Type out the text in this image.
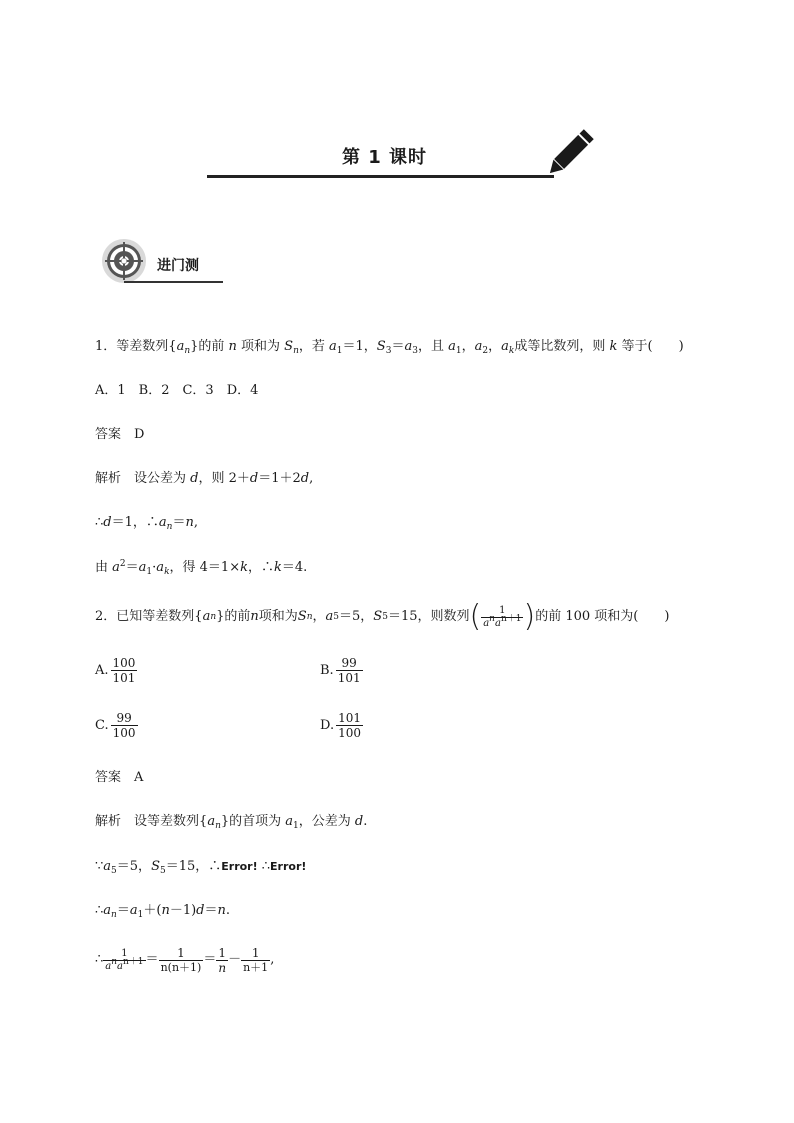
第 1 课时
进门测
1．等差数列$\{a_n\}$的前 n 项和为 $S_n$，若 $a_1=1$，$S_3=a_3$，且 $a_1$，$a_2$，$a_k$成等比数列，则 k 等于(　　)
A．1　B．2　C．3　D．4
答案　 D
解析　 设公差为 d，则 2＋d＝1＋2d,
∴d＝1，$\therefore a_n=n$,
由 $a^2=a_1\cdot a_k$，得 4＝1×k，∴k＝4.
2． 已知等差数列{ a n }的前 n 项和为 S n ， a 5 ＝5， S 5 ＝15，则数列 ( $\frac{1}{a^na^{n+1}}$ ) 的前 100 项和为(　　)
A. $\frac{100}{101}$	B. $\frac{99}{101}$
C. $\frac{99}{100}$	D. $\frac{101}{100}$
答案　 A
解析　 设等差数列$\{a_n\}$的首项为 $a_1$，公差为 d.
$\because a_5=5$，$S_5=15$，∴Error! ∴Error!
$\therefore a_n=a_1+(n-1)d=n$.
∴ $\frac{1}{a^na^{n+1}} = \frac{1}{n(n+1)} = \frac{1}{n} - \frac{1}{n+1}$ ,
